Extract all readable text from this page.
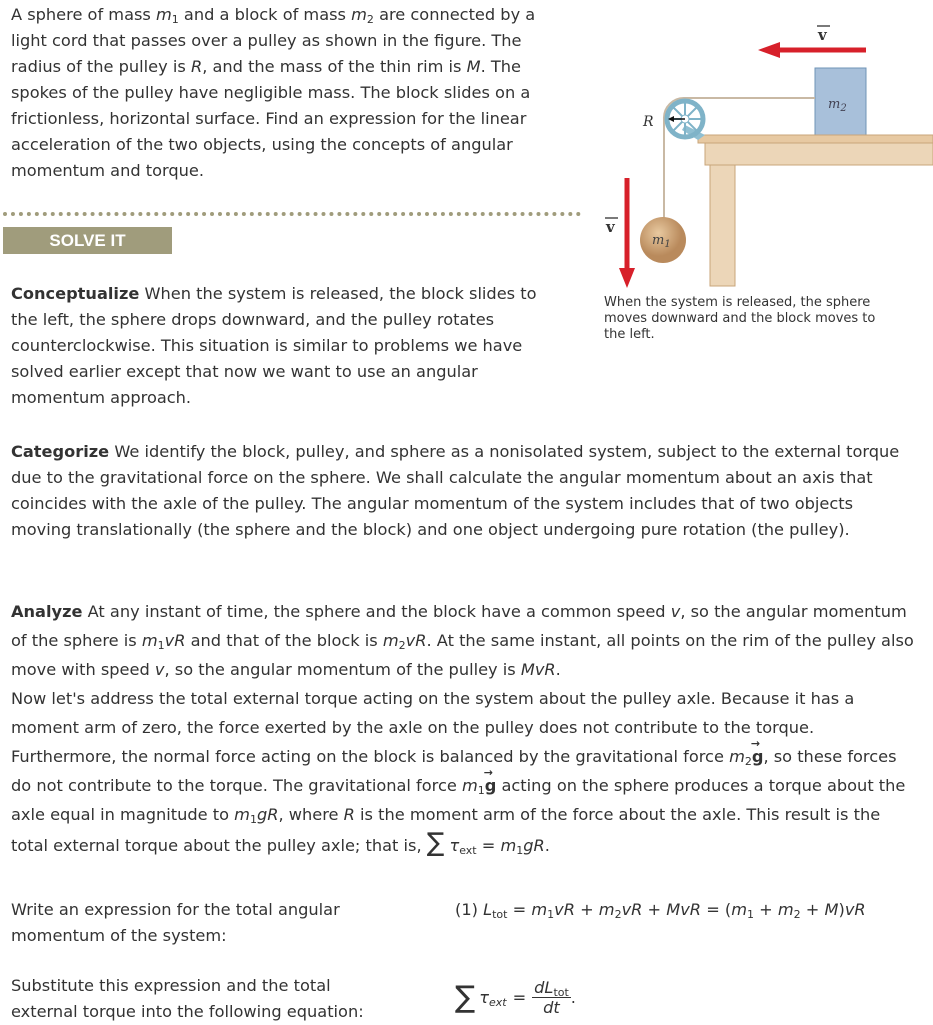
A sphere of mass $m_1$ and a block of mass $m_2$ are connected by a light cord that passes over a pulley as shown in the figure. The radius of the pulley is R, and the mass of the thin rim is M. The spokes of the pulley have negligible mass. The block slides on a frictionless, horizontal surface. Find an expression for the linear acceleration of the two objects, using the concepts of angular momentum and torque.
SOLVE IT
v
$m_2$
R
$m_1$
v
When the system is released, the sphere moves downward and the block moves to the left.
Conceptualize When the system is released, the block slides to the left, the sphere drops downward, and the pulley rotates counterclockwise. This situation is similar to problems we have solved earlier except that now we want to use an angular momentum approach.
Categorize We identify the block, pulley, and sphere as a nonisolated system, subject to the external torque due to the gravitational force on the sphere. We shall calculate the angular momentum about an axis that coincides with the axle of the pulley. The angular momentum of the system includes that of two objects moving translationally (the sphere and the block) and one object undergoing pure rotation (the pulley).
Analyze At any instant of time, the sphere and the block have a common speed v, so the angular momentum of the sphere is $m_1vR$ and that of the block is $m_2vR$. At the same instant, all points on the rim of the pulley also move with speed v, so the angular momentum of the pulley is MvR.
Now let's address the total external torque acting on the system about the pulley axle. Because it has a moment arm of zero, the force exerted by the axle on the pulley does not contribute to the torque. Furthermore, the normal force acting on the block is balanced by the gravitational force $m_2\to g$, so these forces do not contribute to the torque. The gravitational force $m_1\to g$ acting on the sphere produces a torque about the axle equal in magnitude to $m_1gR$, where R is the moment arm of the force about the axle. This result is the total external torque about the pulley axle; that is, ∑ $\tau_{ext} = m_1gR$.
Write an expression for the total angular momentum of the system:
(1) $L_{tot} = m_1vR + m_2vR$ + MvR = $(m_1 + m_2 + M)vR$
Substitute this expression and the total external torque into the following equation:	∑ $\tau_{ext}$ =
$dL_{tot}$
dt
.
